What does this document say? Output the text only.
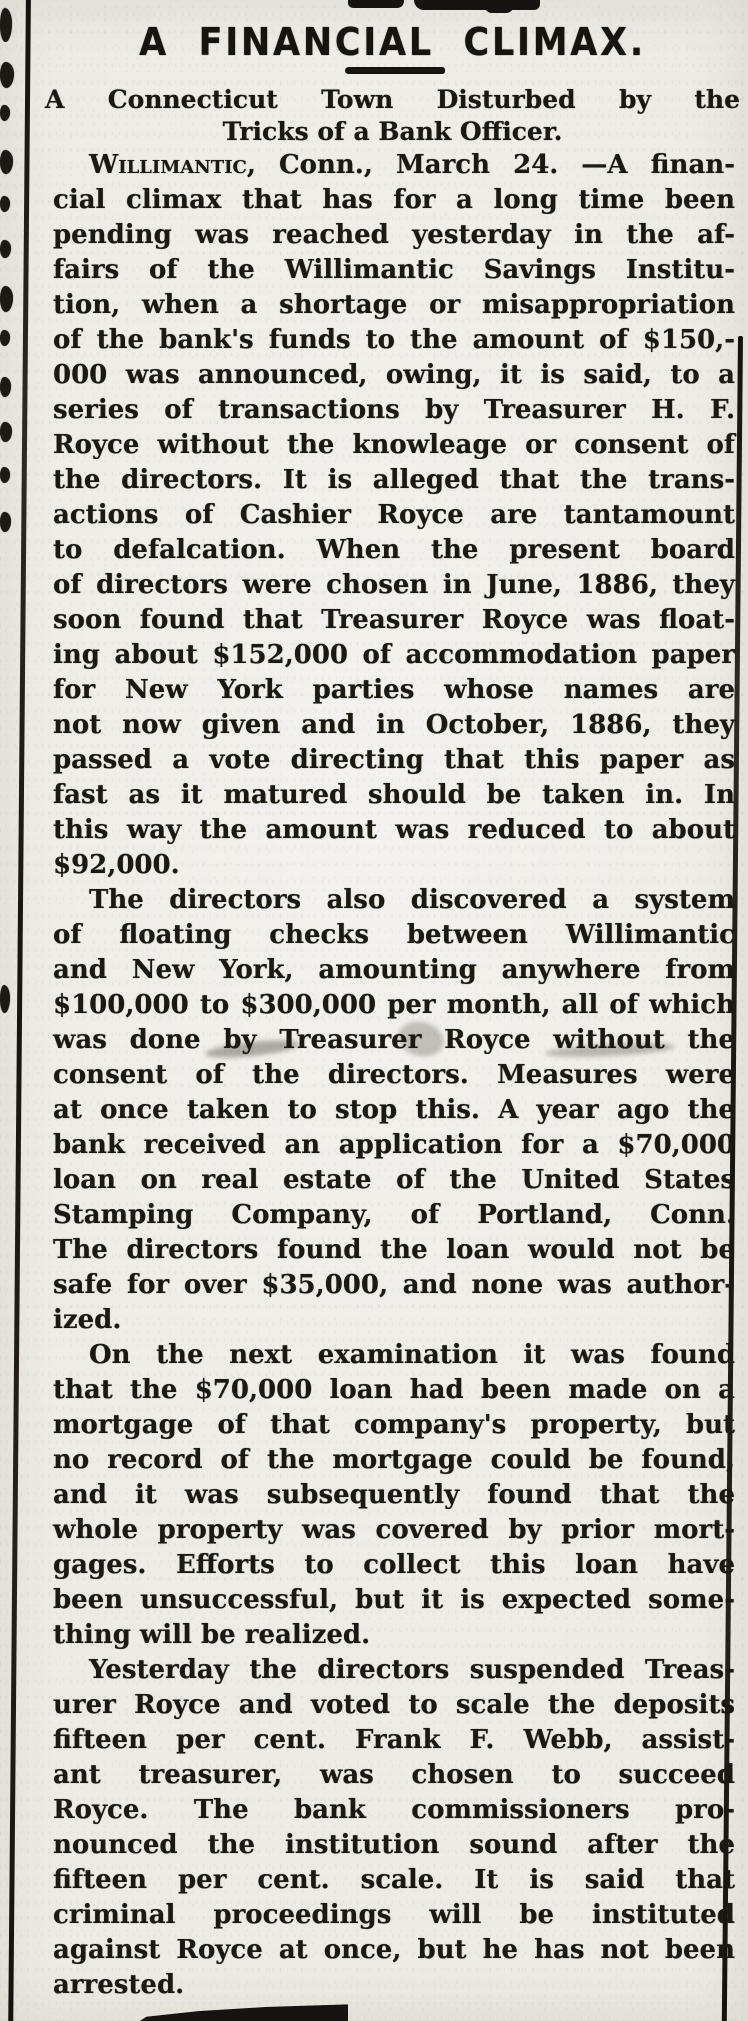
A FINANCIAL CLIMAX.
A Connecticut Town Disturbed by the
Tricks of a Bank Officer.
Willimantic, Conn., March 24. —A finan-
cial climax that has for a long time been
pending was reached yesterday in the af-
fairs of the Willimantic Savings Institu-
tion, when a shortage or misappropriation
of the bank's funds to the amount of $150,-
000 was announced, owing, it is said, to a
series of transactions by Treasurer H. F.
Royce without the knowleage or consent of
the directors. It is alleged that the trans-
actions of Cashier Royce are tantamount
to defalcation. When the present board
of directors were chosen in June, 1886, they
soon found that Treasurer Royce was float-
ing about $152,000 of accommodation paper
for New York parties whose names are
not now given and in October, 1886, they
passed a vote directing that this paper as
fast as it matured should be taken in. In
this way the amount was reduced to about
$92,000.
The directors also discovered a system
of floating checks between Willimantic
and New York, amounting anywhere from
$100,000 to $300,000 per month, all of which
was done by Treasurer Royce without the
consent of the directors. Measures were
at once taken to stop this. A year ago the
bank received an application for a $70,000
loan on real estate of the United States
Stamping Company, of Portland, Conn.
The directors found the loan would not be
safe for over $35,000, and none was author-
ized.
On the next examination it was found
that the $70,000 loan had been made on a
mortgage of that company's property, but
no record of the mortgage could be found,
and it was subsequently found that the
whole property was covered by prior mort-
gages. Efforts to collect this loan have
been unsuccessful, but it is expected some-
thing will be realized.
Yesterday the directors suspended Treas-
urer Royce and voted to scale the deposits
fifteen per cent. Frank F. Webb, assist-
ant treasurer, was chosen to succeed
Royce. The bank commissioners pro-
nounced the institution sound after the
fifteen per cent. scale. It is said that
criminal proceedings will be instituted
against Royce at once, but he has not been
arrested.
